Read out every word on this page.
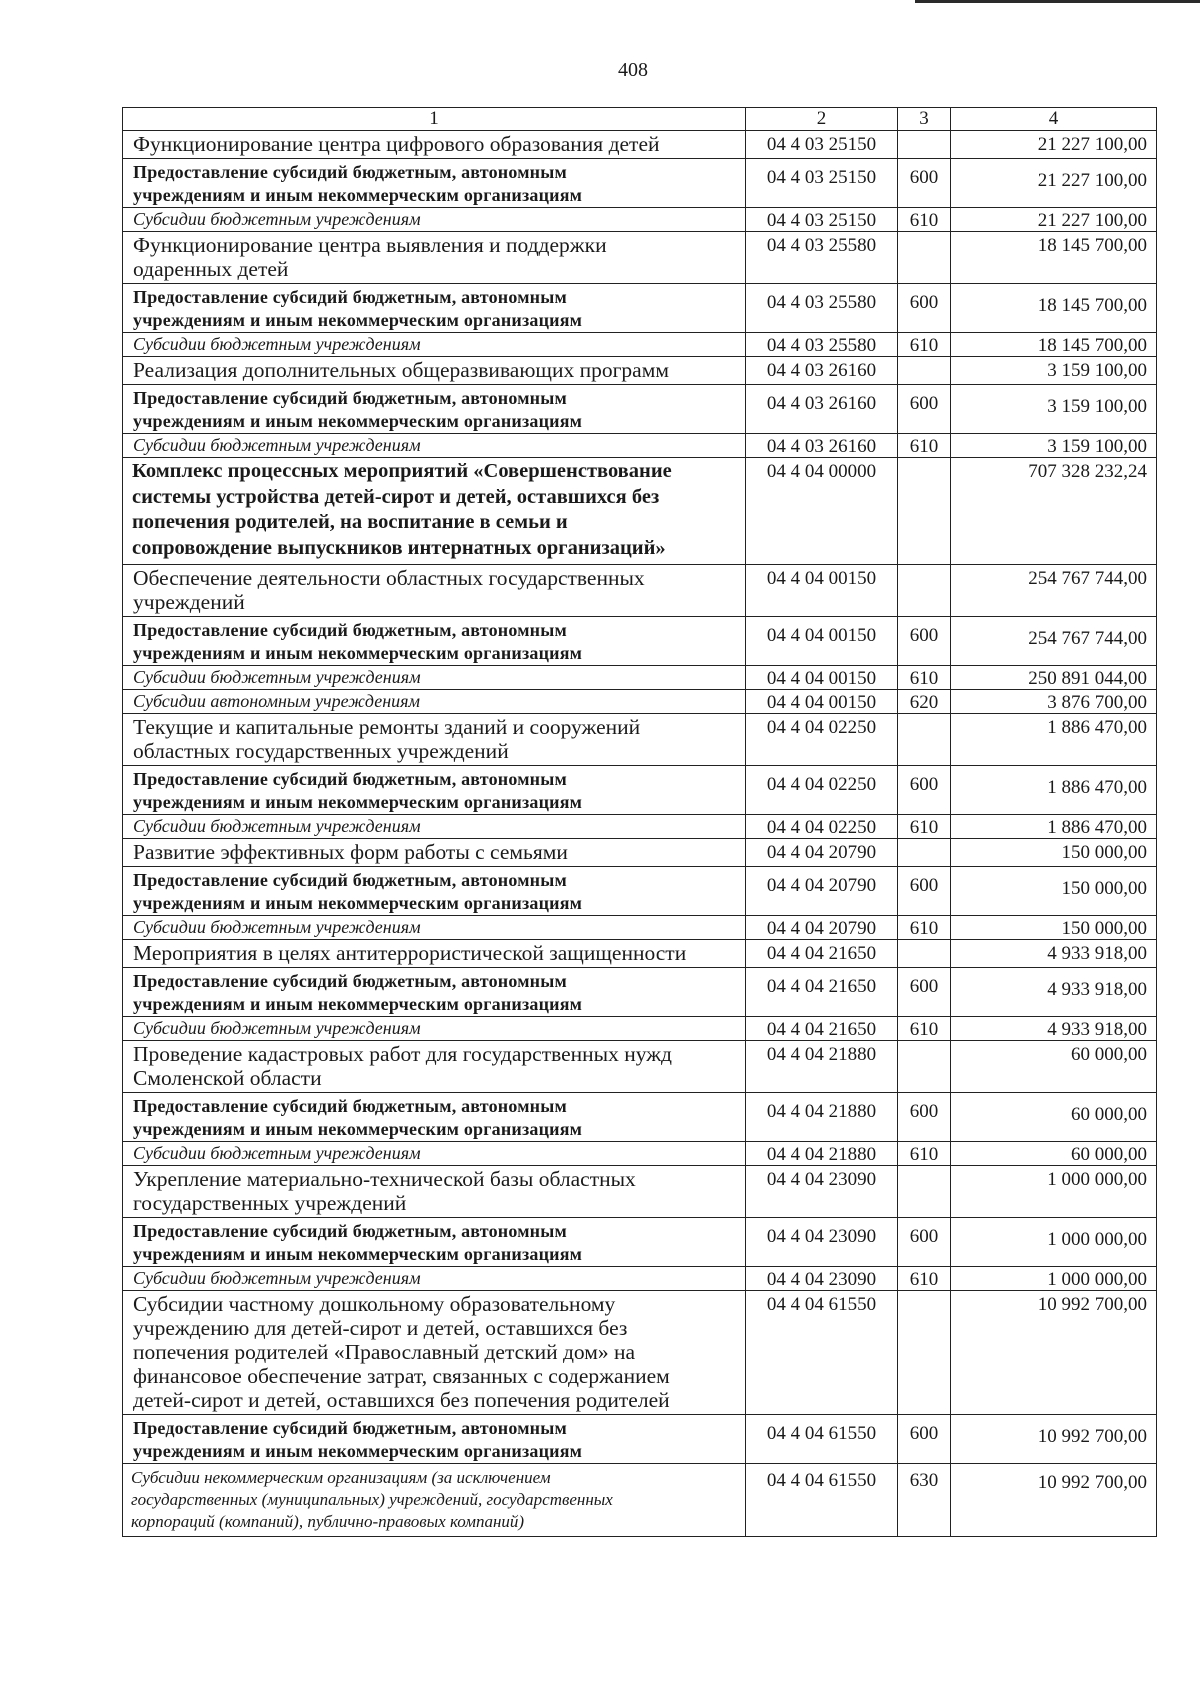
408
1	2	3	4
Функционирование центра цифрового образования детей	04 4 03 25150		21 227 100,00
Предоставление субсидий бюджетным, автономным
учреждениям и иным некоммерческим организациям	04 4 03 25150	600	21 227 100,00
Субсидии бюджетным учреждениям	04 4 03 25150	610	21 227 100,00
Функционирование центра выявления и поддержки
одаренных детей	04 4 03 25580		18 145 700,00
Предоставление субсидий бюджетным, автономным
учреждениям и иным некоммерческим организациям	04 4 03 25580	600	18 145 700,00
Субсидии бюджетным учреждениям	04 4 03 25580	610	18 145 700,00
Реализация дополнительных общеразвивающих программ	04 4 03 26160		3 159 100,00
Предоставление субсидий бюджетным, автономным
учреждениям и иным некоммерческим организациям	04 4 03 26160	600	3 159 100,00
Субсидии бюджетным учреждениям	04 4 03 26160	610	3 159 100,00
Комплекс процессных мероприятий «Совершенствование
системы устройства детей-сирот и детей, оставшихся без
попечения родителей, на воспитание в семьи и
сопровождение выпускников интернатных организаций»	04 4 04 00000		707 328 232,24
Обеспечение деятельности областных государственных
учреждений	04 4 04 00150		254 767 744,00
Предоставление субсидий бюджетным, автономным
учреждениям и иным некоммерческим организациям	04 4 04 00150	600	254 767 744,00
Субсидии бюджетным учреждениям	04 4 04 00150	610	250 891 044,00
Субсидии автономным учреждениям	04 4 04 00150	620	3 876 700,00
Текущие и капитальные ремонты зданий и сооружений
областных государственных учреждений	04 4 04 02250		1 886 470,00
Предоставление субсидий бюджетным, автономным
учреждениям и иным некоммерческим организациям	04 4 04 02250	600	1 886 470,00
Субсидии бюджетным учреждениям	04 4 04 02250	610	1 886 470,00
Развитие эффективных форм работы с семьями	04 4 04 20790		150 000,00
Предоставление субсидий бюджетным, автономным
учреждениям и иным некоммерческим организациям	04 4 04 20790	600	150 000,00
Субсидии бюджетным учреждениям	04 4 04 20790	610	150 000,00
Мероприятия в целях антитеррористической защищенности	04 4 04 21650		4 933 918,00
Предоставление субсидий бюджетным, автономным
учреждениям и иным некоммерческим организациям	04 4 04 21650	600	4 933 918,00
Субсидии бюджетным учреждениям	04 4 04 21650	610	4 933 918,00
Проведение кадастровых работ для государственных нужд
Смоленской области	04 4 04 21880		60 000,00
Предоставление субсидий бюджетным, автономным
учреждениям и иным некоммерческим организациям	04 4 04 21880	600	60 000,00
Субсидии бюджетным учреждениям	04 4 04 21880	610	60 000,00
Укрепление материально-технической базы областных
государственных учреждений	04 4 04 23090		1 000 000,00
Предоставление субсидий бюджетным, автономным
учреждениям и иным некоммерческим организациям	04 4 04 23090	600	1 000 000,00
Субсидии бюджетным учреждениям	04 4 04 23090	610	1 000 000,00
Субсидии частному дошкольному образовательному
учреждению для детей-сирот и детей, оставшихся без
попечения родителей «Православный детский дом» на
финансовое обеспечение затрат, связанных с содержанием
детей-сирот и детей, оставшихся без попечения родителей	04 4 04 61550		10 992 700,00
Предоставление субсидий бюджетным, автономным
учреждениям и иным некоммерческим организациям	04 4 04 61550	600	10 992 700,00
Субсидии некоммерческим организациям (за исключением
государственных (муниципальных) учреждений, государственных
корпораций (компаний), публично-правовых компаний)	04 4 04 61550	630	10 992 700,00
